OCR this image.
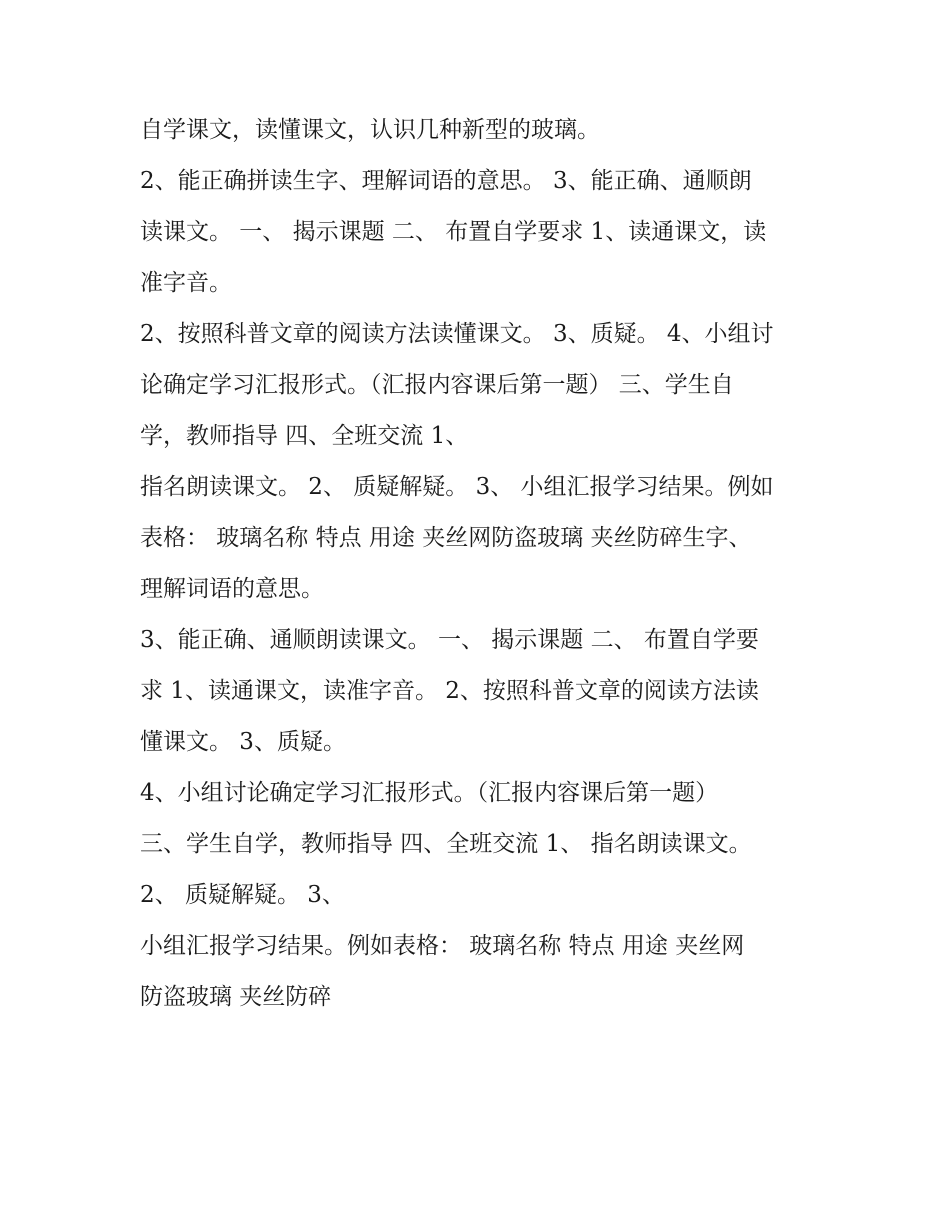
自学课文，读懂课文，认识几种新型的玻璃。
2、能正确拼读生字、理解词语的意思。 3、能正确、通顺朗
读课文。 一、 揭示课题 二、 布置自学要求 1、读通课文，读
准字音。
2、按照科普文章的阅读方法读懂课文。 3、质疑。 4、小组讨
论确定学习汇报形式。（汇报内容课后第一题） 三、学生自
学，教师指导 四、全班交流 1、
指名朗读课文。 2、 质疑解疑。 3、 小组汇报学习结果。例如
表格： 玻璃名称 特点 用途 夹丝网防盗玻璃 夹丝防碎生字、
理解词语的意思。
3、能正确、通顺朗读课文。 一、 揭示课题 二、 布置自学要
求 1、读通课文，读准字音。 2、按照科普文章的阅读方法读
懂课文。 3、质疑。
4、小组讨论确定学习汇报形式。（汇报内容课后第一题）
三、学生自学，教师指导 四、全班交流 1、 指名朗读课文。
2、 质疑解疑。 3、
小组汇报学习结果。例如表格： 玻璃名称 特点 用途 夹丝网
防盗玻璃 夹丝防碎
